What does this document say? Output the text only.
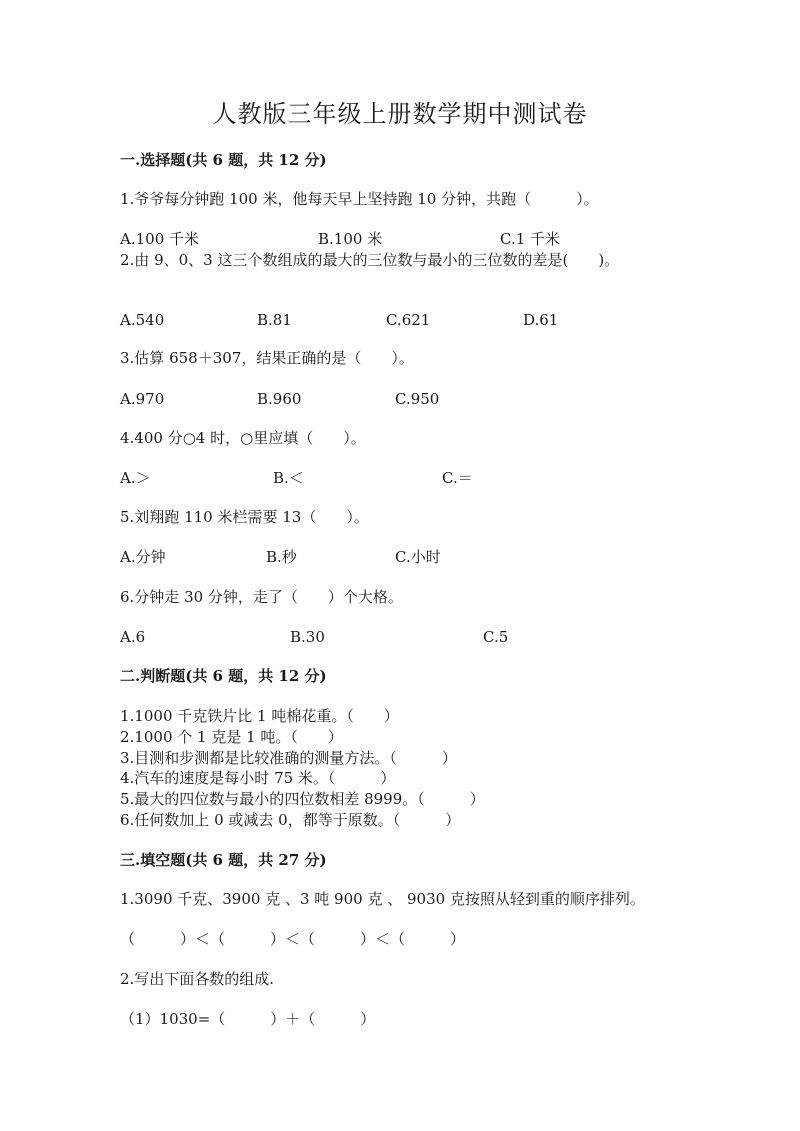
人教版三年级上册数学期中测试卷
一.选择题(共 6 题，共 12 分)
1.爷爷每分钟跑 100 米，他每天早上坚持跑 10 分钟，共跑（　　　）。
A.100 千米	B.100 米	C.1 千米
2.由 9、0、3 这三个数组成的最大的三位数与最小的三位数的差是(　　)。
A.540	B.81	C.621	D.61
3.估算 658＋307，结果正确的是（　　）。
A.970	B.960	C.950
4.400 分○4 时，○里应填（　　）。
A.＞	B.＜	C.＝
5.刘翔跑 110 米栏需要 13（　　）。
A.分钟	B.秒	C.小时
6.分钟走 30 分钟，走了（　　）个大格。
A.6	B.30	C.5
二.判断题(共 6 题，共 12 分)
1.1000 千克铁片比 1 吨棉花重。（　　）
2.1000 个 1 克是 1 吨。（　　）
3.目测和步测都是比较准确的测量方法。（　　　）
4.汽车的速度是每小时 75 米。（　　　）
5.最大的四位数与最小的四位数相差 8999。（　　　）
6.任何数加上 0 或减去 0，都等于原数。（　　　）
三.填空题(共 6 题，共 27 分)
1.3090 千克、3900 克 、3 吨 900 克 、 9030 克按照从轻到重的顺序排列。
（　　　）＜（　　　）＜（　　　）＜（　　　）
2.写出下面各数的组成.
（1）1030=（　　　）＋（　　　）
